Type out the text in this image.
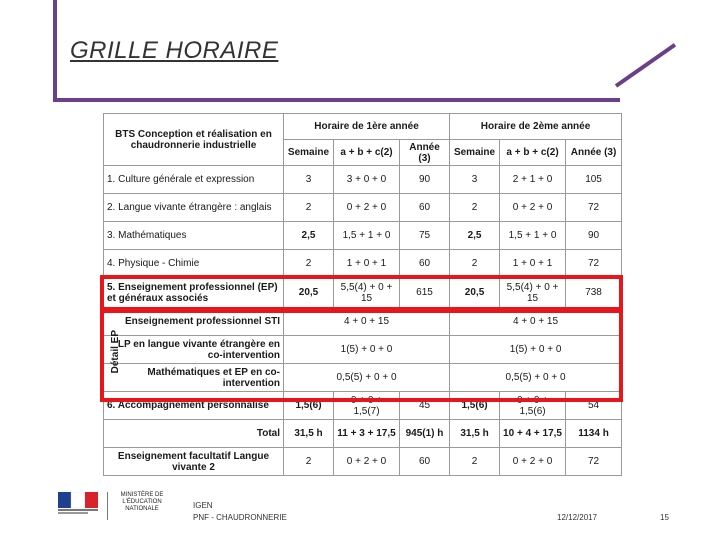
GRILLE HORAIRE
BTS Conception et réalisation en chaudronnerie industrielle	Horaire de 1ère année			Horaire de 2ème année		
	Semaine	a + b + c(2)	Année (3)	Semaine	a + b + c(2)	Année (3)
1. Culture générale et expression	3	3 + 0 + 0	90	3	2 + 1 + 0	105
2. Langue vivante étrangère : anglais	2	0 + 2 + 0	60	2	0 + 2 + 0	72
3. Mathématiques	2,5	1,5 + 1 + 0	75	2,5	1,5 + 1 + 0	90
4. Physique - Chimie	2	1 + 0 + 1	60	2	1 + 0 + 1	72
5. Enseignement professionnel (EP) et généraux associés	20,5	5,5(4) + 0 + 15	615	20,5	5,5(4) + 0 + 15	738
Enseignement professionnel STI	4 + 0 + 15			4 + 0 + 15		
LP en langue vivante étrangère en co-intervention	1(5) + 0 + 0			1(5) + 0 + 0		
Mathématiques et EP en co-intervention	0,5(5) + 0 + 0			0,5(5) + 0 + 0		
6. Accompagnement personnalisé	1,5(6)	0 + 0 + 1,5(7)	45	1,5(6)	0 + 0 + 1,5(6)	54
Total	31,5 h	11 + 3 + 17,5	945(1) h	31,5 h	10 + 4 + 17,5	1134 h
Enseignement facultatif Langue vivante 2	2	0 + 2 + 0	60	2	0 + 2 + 0	72
Détail EP
MINISTÈRE DE L'ÉDUCATION NATIONALE	IGEN
PNF - CHAUDRONNERIE	12/12/2017	15
